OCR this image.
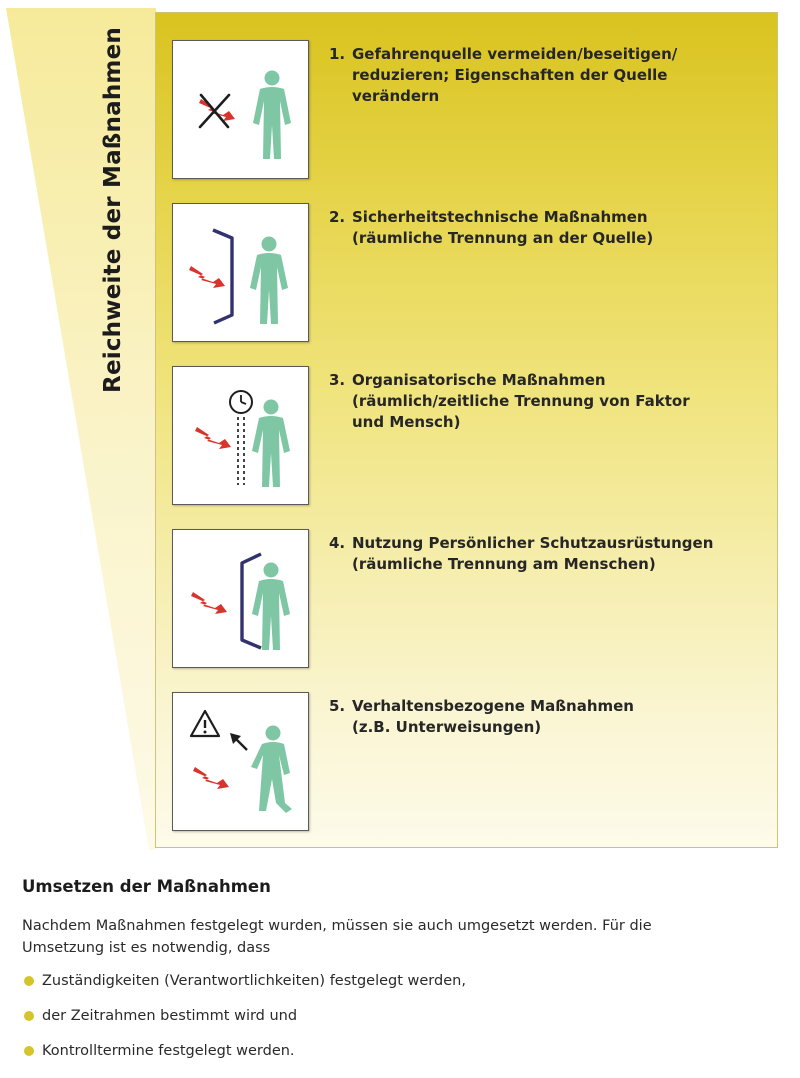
Reichweite der Maßnahmen	1. Gefahrenquelle vermeiden/beseitigen/
reduzieren; Eigenschaften der Quelle
verändern
2. Sicherheitstechnische Maßnahmen
(räumliche Trennung an der Quelle)
3. Organisatorische Maßnahmen
(räumlich/zeitliche Trennung von Faktor
und Mensch)
4. Nutzung Persönlicher Schutzausrüstungen
(räumliche Trennung am Menschen)
5. Verhaltensbezogene Maßnahmen
(z.B. Unterweisungen)
Umsetzen der Maßnahmen
Nachdem Maßnahmen festgelegt wurden, müssen sie auch umgesetzt werden. Für die
Umsetzung ist es notwendig, dass
Zuständigkeiten (Verantwortlichkeiten) festgelegt werden,
der Zeitrahmen bestimmt wird und
Kontrolltermine festgelegt werden.
